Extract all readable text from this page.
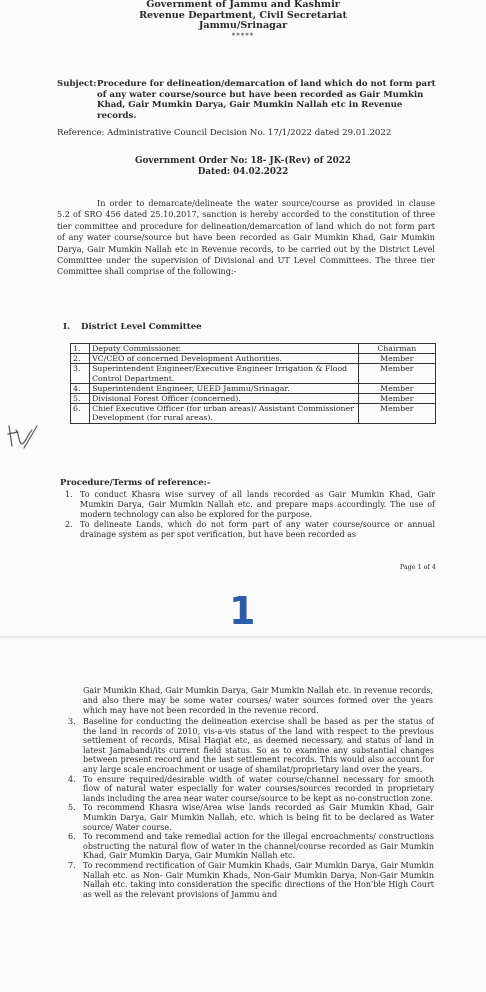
Government of Jammu and Kashmir
Revenue Department, Civil Secretariat
Jammu/Srinagar
*****
Subject: Procedure for delineation/demarcation of land which do not form part of any water course/source but have been recorded as Gair Mumkin Khad, Gair Mumkin Darya, Gair Mumkin Nallah etc in Revenue records.
Reference: Administrative Council Decision No. 17/1/2022 dated 29.01.2022
Government Order No: 18- JK-(Rev) of 2022
Dated: 04.02.2022
In order to demarcate/delineate the water source/course as provided in clause 5.2 of SRO 456 dated 25.10.2017, sanction is hereby accorded to the constitution of three tier committee and procedure for delineation/demarcation of land which do not form part of any water course/source but have been recorded as Gair Mumkin Khad, Gair Mumkin Darya, Gair Mumkin Nallah etc in Revenue records, to be carried out by the District Level Committee under the supervision of Divisional and UT Level Committees. The three tier Committee shall comprise of the following:-
I. District Level Committee
1.	Deputy Commissioner.	Chairman
2.	VC/CEO of concerned Development Authorities.	Member
3.	Superintendent Engineer/Executive Engineer Irrigation & Flood Control Department.	Member
4.	Superintendent Engineer, UEED Jammu/Srinagar.	Member
5.	Divisional Forest Officer (concerned).	Member
6.	Chief Executive Officer (for urban areas)/ Assistant Commissioner Development (for rural areas).	Member
Procedure/Terms of reference:-
1. To conduct Khasra wise survey of all lands recorded as Gair Mumkin Khad, Gair Mumkin Darya, Gair Mumkin Nallah etc. and prepare maps accordingly. The use of modern technology can also be explored for the purpose.
2. To delineate Lands, which do not form part of any water course/source or annual drainage system as per spot verification, but have been recorded as
Page 1 of 4
1
Gair Mumkin Khad, Gair Mumkin Darya, Gair Mumkin Nallah etc. in revenue records, and also there may be some water courses/ water sources formed over the years which may have not been recorded in the revenue record.
3. Baseline for conducting the delineation exercise shall be based as per the status of the land in records of 2010, vis-a-vis status of the land with respect to the previous settlement of records, Misal Haqiat etc, as deemed necessary, and status of land in latest Jamabandi/its current field status. So as to examine any substantial changes between present record and the last settlement records. This would also account for any large scale encroachment or usage of shamilat/proprietary land over the years.
4. To ensure required/desirable width of water course/channel necessary for smooth flow of natural water especially for water courses/sources recorded in proprietary lands including the area near water course/source to be kept as no-construction zone.
5. To recommend Khasra wise/Area wise lands recorded as Gair Mumkin Khad, Gair Mumkin Darya, Gair Mumkin Nallah, etc. which is being fit to be declared as Water source/ Water course.
6. To recommend and take remedial action for the illegal encroachments/ constructions obstructing the natural flow of water in the channel/course recorded as Gair Mumkin Khad, Gair Mumkin Darya, Gair Mumkin Nallah etc.
7. To recommend rectification of Gair Mumkin Khads, Gair Mumkin Darya, Gair Mumkin Nallah etc. as Non- Gair Mumkin Khads, Non-Gair Mumkin Darya, Non-Gair Mumkin Nallah etc. taking into consideration the specific directions of the Hon'ble High Court as well as the relevant provisions of Jammu and
